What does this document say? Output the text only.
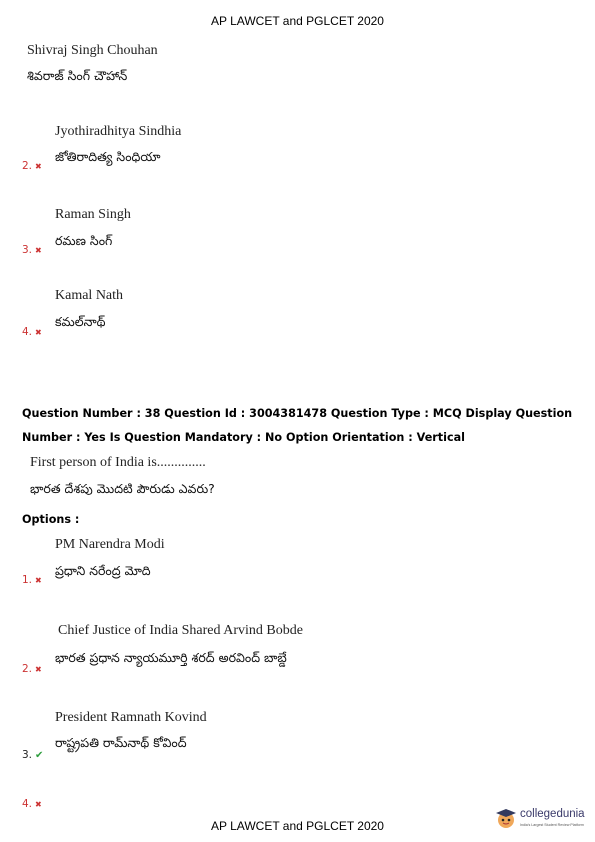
AP LAWCET and PGLCET 2020
Shivraj Singh Chouhan
శివరాజ్ సింగ్ చౌహాన్
Jyothiradhitya Sindhia
2. ✖
జోతిరాదిత్య సింధియా
Raman Singh
3. ✖
రమణ సింగ్
Kamal Nath
4. ✖
కమల్‌నాథ్
Question Number : 38 Question Id : 3004381478 Question Type : MCQ Display Question
Number : Yes Is Question Mandatory : No Option Orientation : Vertical
First person of India is..............
భారత దేశపు మొదటి పౌరుడు ఎవరు?
Options :
PM Narendra Modi
1. ✖
ప్రధాని నరేంద్ర మోది
Chief Justice of India Shared Arvind Bobde
2. ✖
భారత ప్రధాన న్యాయమూర్తి శరద్ అరవింద్ బాబ్డే
President Ramnath Kovind
3. ✔
రాష్ట్రపతి రామ్‌నాథ్ కోవింద్
4. ✖
collegedunia
India's Largest Student Review Platform
AP LAWCET and PGLCET 2020
